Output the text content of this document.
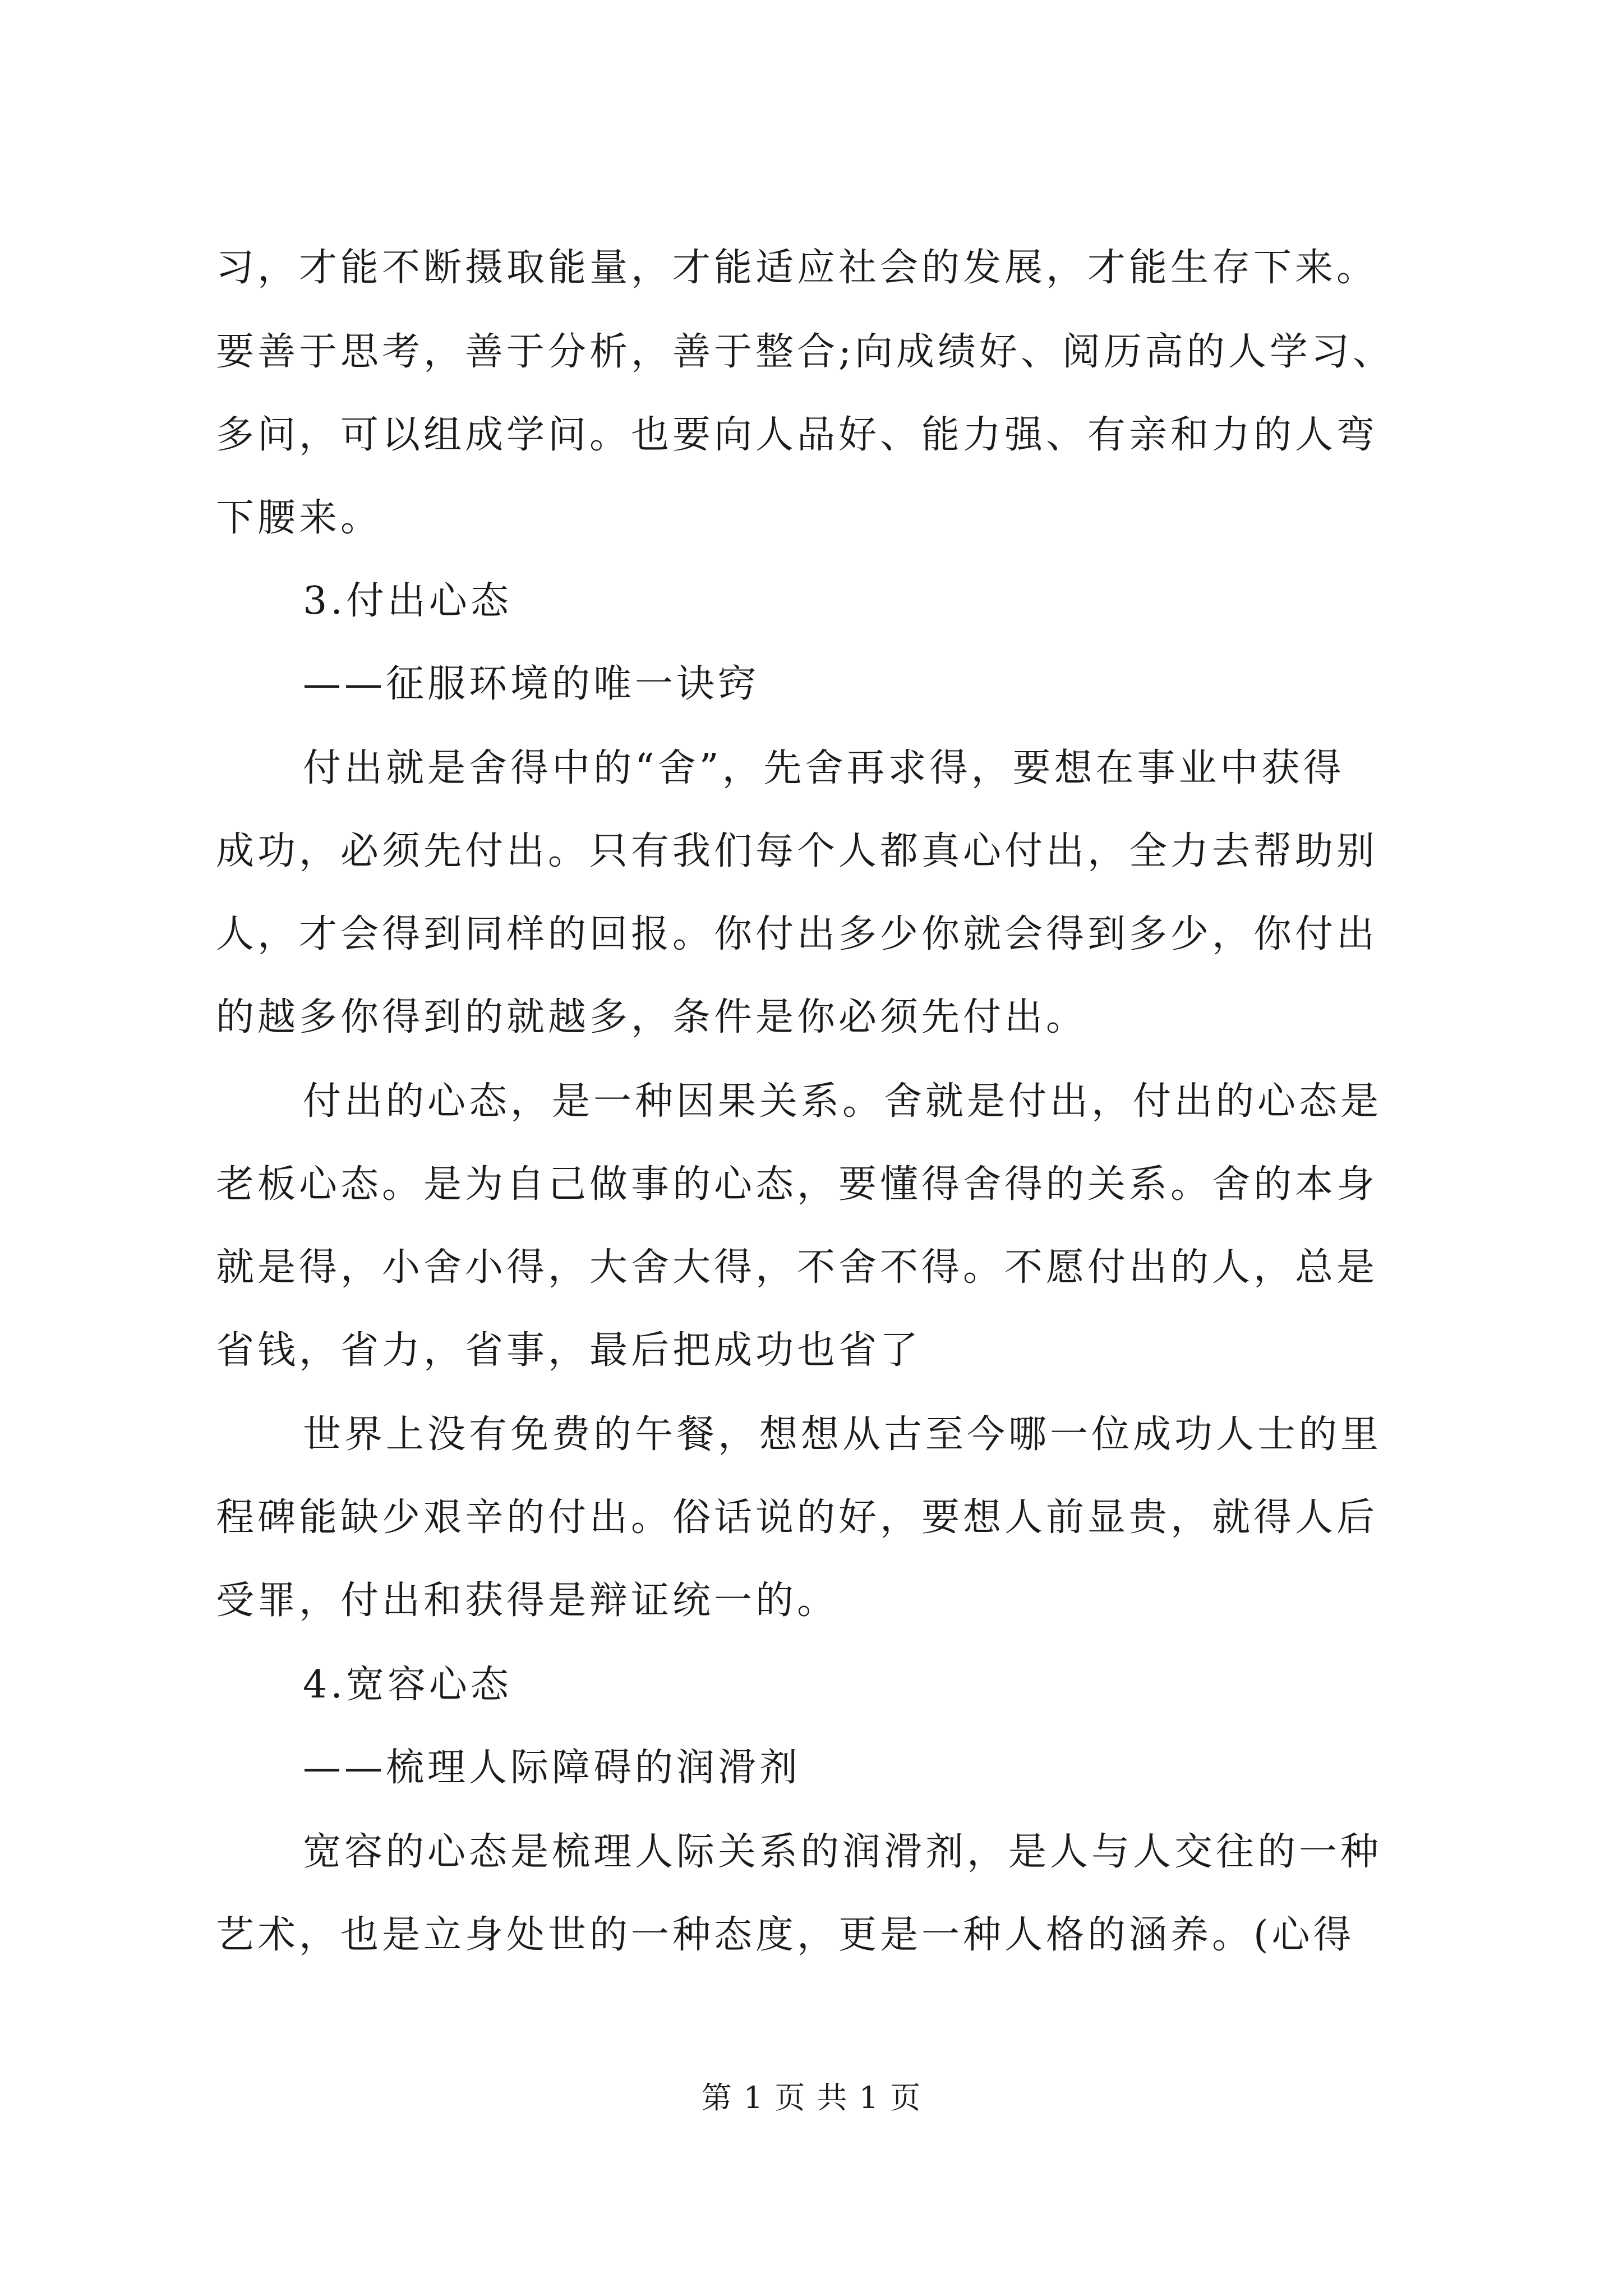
习，才能不断摄取能量，才能适应社会的发展，才能生存下来。
要善于思考，善于分析，善于整合;向成绩好、阅历高的人学习、
多问，可以组成学问。也要向人品好、能力强、有亲和力的人弯
下腰来。
3.付出心态
——征服环境的唯一诀窍
付出就是舍得中的“舍”，先舍再求得，要想在事业中获得
成功，必须先付出。只有我们每个人都真心付出，全力去帮助别
人，才会得到同样的回报。你付出多少你就会得到多少，你付出
的越多你得到的就越多，条件是你必须先付出。
付出的心态，是一种因果关系。舍就是付出，付出的心态是
老板心态。是为自己做事的心态，要懂得舍得的关系。舍的本身
就是得，小舍小得，大舍大得，不舍不得。不愿付出的人，总是
省钱，省力，省事，最后把成功也省了
世界上没有免费的午餐，想想从古至今哪一位成功人士的里
程碑能缺少艰辛的付出。俗话说的好，要想人前显贵，就得人后
受罪，付出和获得是辩证统一的。
4.宽容心态
——梳理人际障碍的润滑剂
宽容的心态是梳理人际关系的润滑剂，是人与人交往的一种
艺术，也是立身处世的一种态度，更是一种人格的涵养。(心得
第 1 页 共 1 页
